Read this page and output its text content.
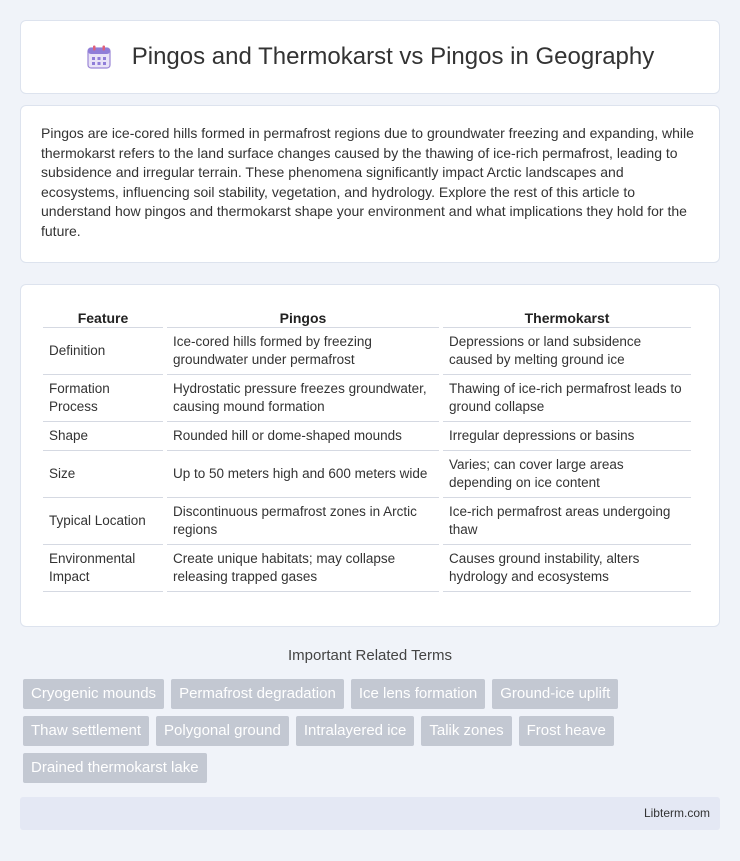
Pingos and Thermokarst vs Pingos in Geography

Pingos are ice-cored hills formed in permafrost regions due to groundwater freezing and expanding, while thermokarst refers to the land surface changes caused by the thawing of ice-rich permafrost, leading to subsidence and irregular terrain. These phenomena significantly impact Arctic landscapes and ecosystems, influencing soil stability, vegetation, and hydrology. Explore the rest of this article to understand how pingos and thermokarst shape your environment and what implications they hold for the future.

Feature	Pingos	Thermokarst
Definition	Ice-cored hills formed by freezing groundwater under permafrost	Depressions or land subsidence caused by melting ground ice
Formation Process	Hydrostatic pressure freezes groundwater, causing mound formation	Thawing of ice-rich permafrost leads to ground collapse
Shape	Rounded hill or dome-shaped mounds	Irregular depressions or basins
Size	Up to 50 meters high and 600 meters wide	Varies; can cover large areas depending on ice content
Typical Location	Discontinuous permafrost zones in Arctic regions	Ice-rich permafrost areas undergoing thaw
Environmental Impact	Create unique habitats; may collapse releasing trapped gases	Causes ground instability, alters hydrology and ecosystems
Important Related Terms
Cryogenic mounds	Permafrost degradation	Ice lens formation	Ground-ice uplift
Thaw settlement	Polygonal ground	Intralayered ice	Talik zones	Frost heave
Drained thermokarst lake
Libterm.com
